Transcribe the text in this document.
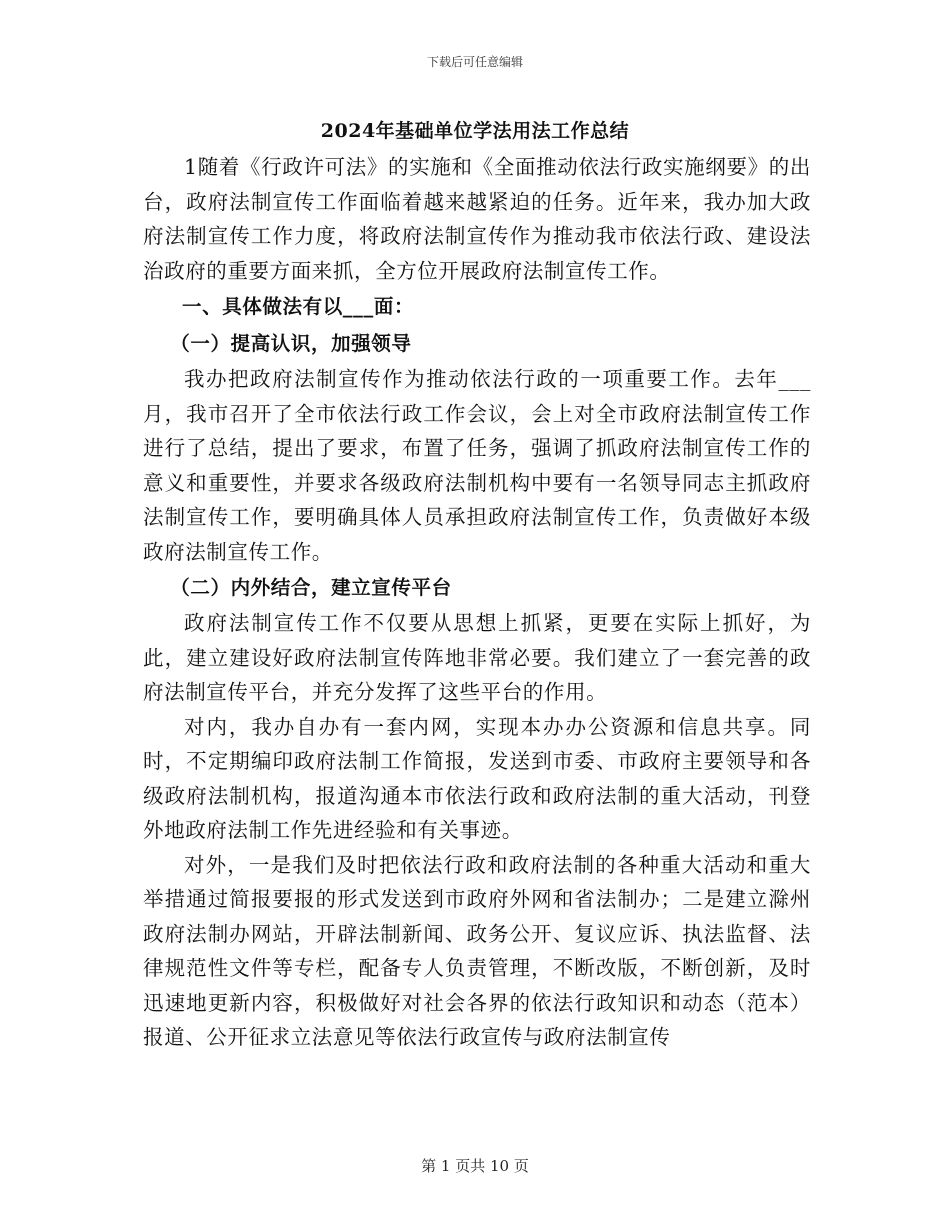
下载后可任意编辑
2024年基础单位学法用法工作总结

1随着《行政许可法》的实施和《全面推动依法行政实施纲要》的出台，政府法制宣传工作面临着越来越紧迫的任务。近年来，我办加大政府法制宣传工作力度，将政府法制宣传作为推动我市依法行政、建设法治政府的重要方面来抓，全方位开展政府法制宣传工作。

一、具体做法有以___面：

（一）提高认识，加强领导

我办把政府法制宣传作为推动依法行政的一项重要工作。去年___月，我市召开了全市依法行政工作会议，会上对全市政府法制宣传工作进行了总结，提出了要求，布置了任务，强调了抓政府法制宣传工作的意义和重要性，并要求各级政府法制机构中要有一名领导同志主抓政府法制宣传工作，要明确具体人员承担政府法制宣传工作，负责做好本级政府法制宣传工作。

（二）内外结合，建立宣传平台

政府法制宣传工作不仅要从思想上抓紧，更要在实际上抓好，为此，建立建设好政府法制宣传阵地非常必要。我们建立了一套完善的政府法制宣传平台，并充分发挥了这些平台的作用。

对内，我办自办有一套内网，实现本办办公资源和信息共享。同时，不定期编印政府法制工作简报，发送到市委、市政府主要领导和各级政府法制机构，报道沟通本市依法行政和政府法制的重大活动，刊登外地政府法制工作先进经验和有关事迹。

对外，一是我们及时把依法行政和政府法制的各种重大活动和重大举措通过简报要报的形式发送到市政府外网和省法制办；二是建立滁州政府法制办网站，开辟法制新闻、政务公开、复议应诉、执法监督、法律规范性文件等专栏，配备专人负责管理，不断改版，不断创新，及时迅速地更新内容，积极做好对社会各界的依法行政知识和动态（范本）报道、公开征求立法意见等依法行政宣传与政府法制宣传

第 1 页共 10 页
